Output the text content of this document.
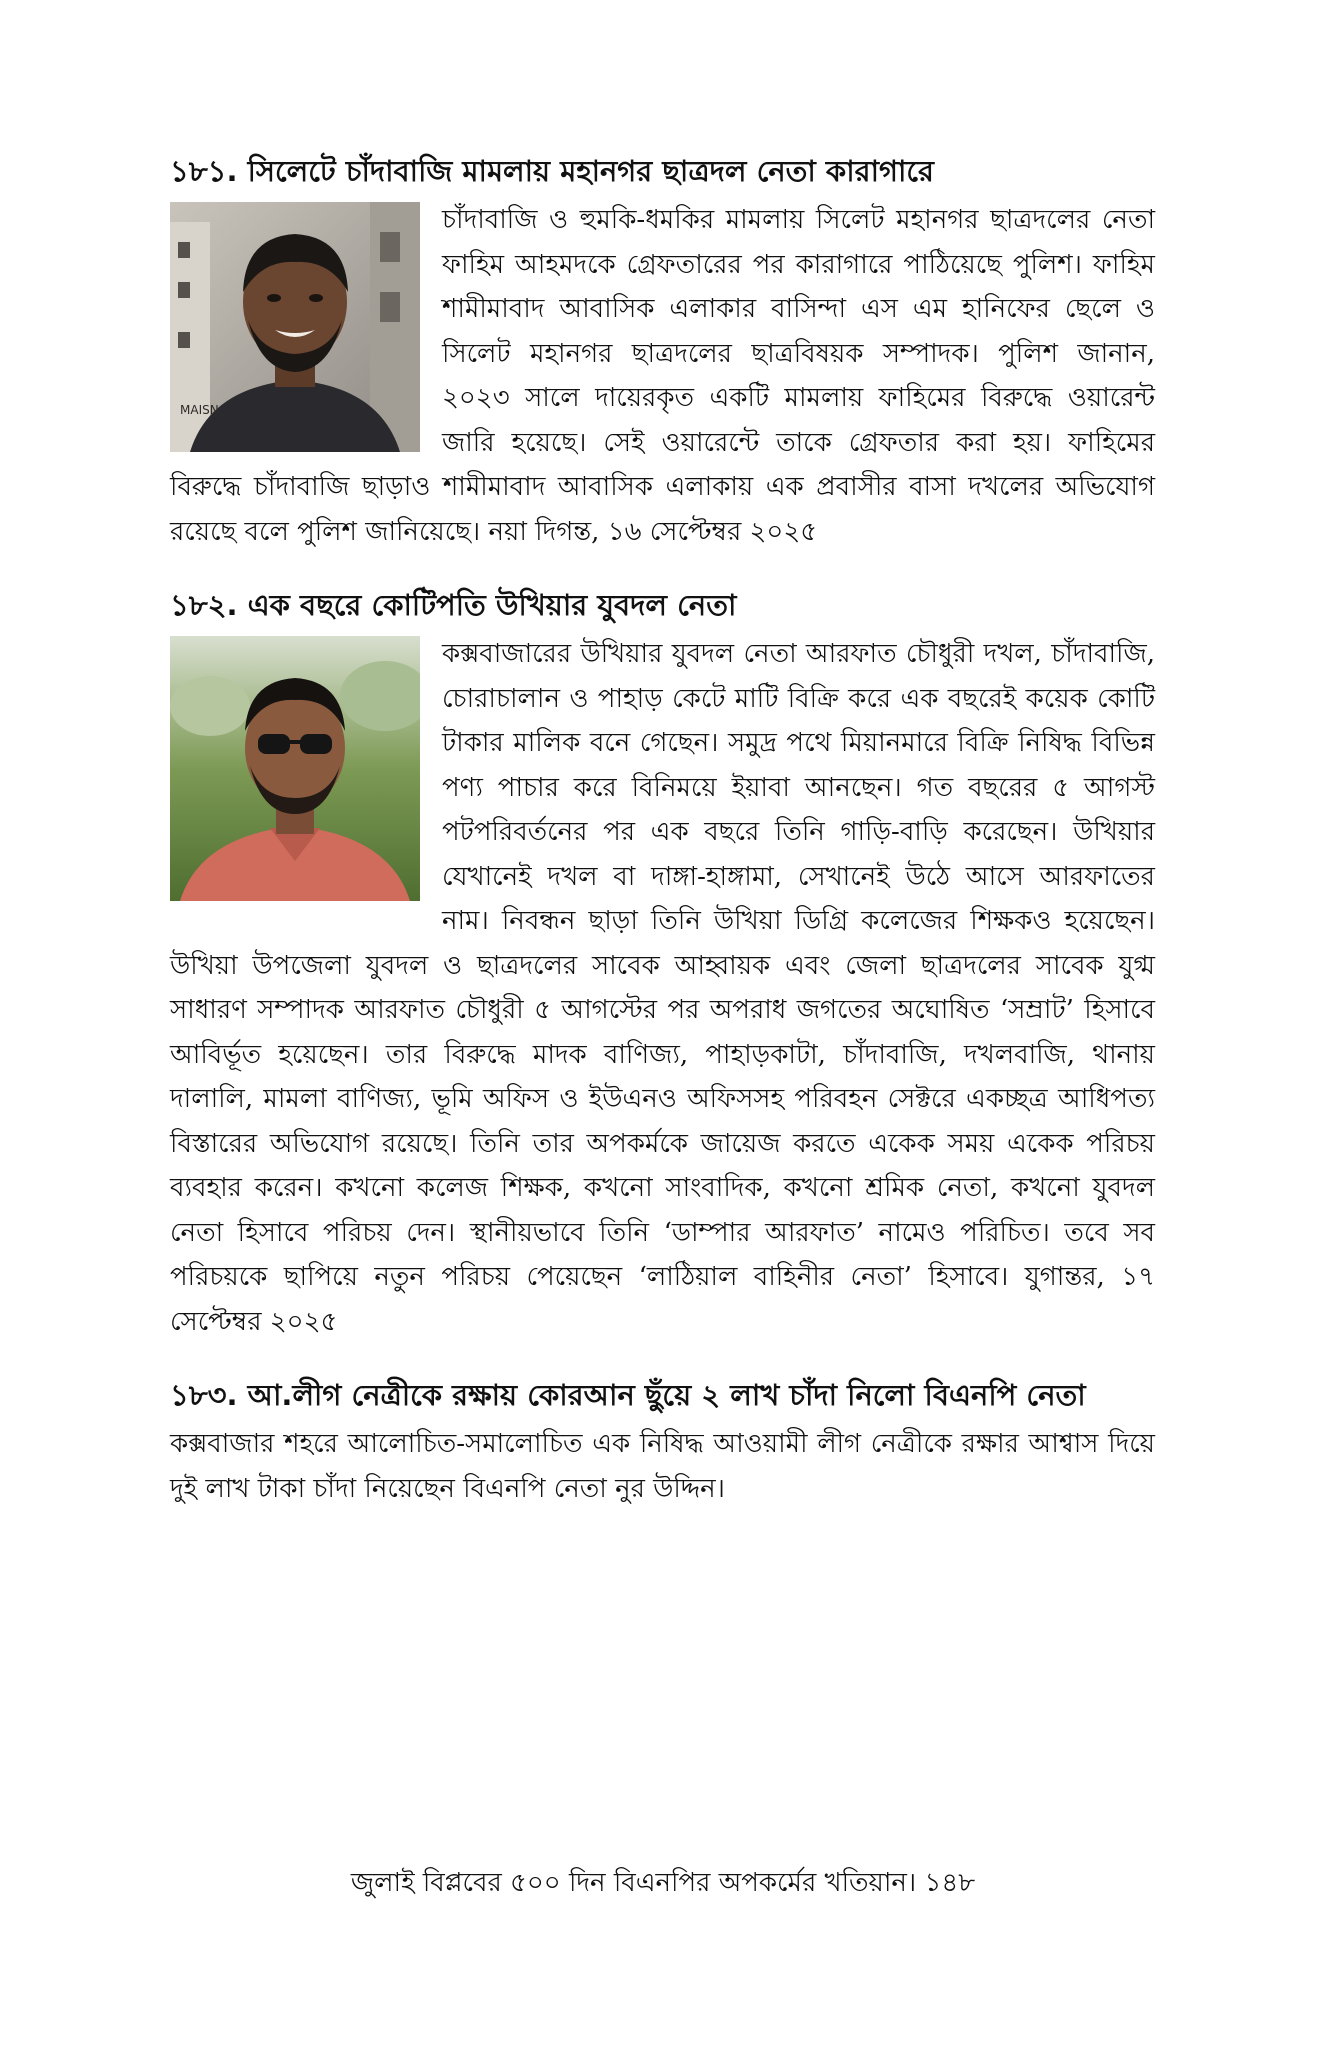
১৮১. সিলেটে চাঁদাবাজি মামলায় মহানগর ছাত্রদল নেতা কারাগারে
MAISN

চাঁদাবাজি ও হুমকি-ধমকির মামলায় সিলেট মহানগর ছাত্রদলের নেতা ফাহিম আহমদকে গ্রেফতারের পর কারাগারে পাঠিয়েছে পুলিশ। ফাহিম শামীমাবাদ আবাসিক এলাকার বাসিন্দা এস এম হানিফের ছেলে ও সিলেট মহানগর ছাত্রদলের ছাত্রবিষয়ক সম্পাদক। পুলিশ জানান, ২০২৩ সালে দায়েরকৃত একটি মামলায় ফাহিমের বিরুদ্ধে ওয়ারেন্ট জারি হয়েছে। সেই ওয়ারেন্টে তাকে গ্রেফতার করা হয়। ফাহিমের বিরুদ্ধে চাঁদাবাজি ছাড়াও শামীমাবাদ আবাসিক এলাকায় এক প্রবাসীর বাসা দখলের অভিযোগ রয়েছে বলে পুলিশ জানিয়েছে। নয়া দিগন্ত, ১৬ সেপ্টেম্বর ২০২৫

১৮২. এক বছরে কোটিপতি উখিয়ার যুবদল নেতা

কক্সবাজারের উখিয়ার যুবদল নেতা আরফাত চৌধুরী দখল, চাঁদাবাজি, চোরাচালান ও পাহাড় কেটে মাটি বিক্রি করে এক বছরেই কয়েক কোটি টাকার মালিক বনে গেছেন। সমুদ্র পথে মিয়ানমারে বিক্রি নিষিদ্ধ বিভিন্ন পণ্য পাচার করে বিনিময়ে ইয়াবা আনছেন। গত বছরের ৫ আগস্ট পটপরিবর্তনের পর এক বছরে তিনি গাড়ি-বাড়ি করেছেন। উখিয়ার যেখানেই দখল বা দাঙ্গা-হাঙ্গামা, সেখানেই উঠে আসে আরফাতের নাম। নিবন্ধন ছাড়া তিনি উখিয়া ডিগ্রি কলেজের শিক্ষকও হয়েছেন।উখিয়া উপজেলা যুবদল ও ছাত্রদলের সাবেক আহ্বায়ক এবং জেলা ছাত্রদলের সাবেক যুগ্ম সাধারণ সম্পাদক আরফাত চৌধুরী ৫ আগস্টের পর অপরাধ জগতের অঘোষিত ‘সম্রাট’ হিসাবে আবির্ভূত হয়েছেন। তার বিরুদ্ধে মাদক বাণিজ্য, পাহাড়কাটা, চাঁদাবাজি, দখলবাজি, থানায় দালালি, মামলা বাণিজ্য, ভূমি অফিস ও ইউএনও অফিসসহ পরিবহন সেক্টরে একচ্ছত্র আধিপত্য বিস্তারের অভিযোগ রয়েছে। তিনি তার অপকর্মকে জায়েজ করতে একেক সময় একেক পরিচয় ব্যবহার করেন। কখনো কলেজ শিক্ষক, কখনো সাংবাদিক, কখনো শ্রমিক নেতা, কখনো যুবদল নেতা হিসাবে পরিচয় দেন। স্থানীয়ভাবে তিনি ‘ডাম্পার আরফাত’ নামেও পরিচিত। তবে সব পরিচয়কে ছাপিয়ে নতুন পরিচয় পেয়েছেন ‘লাঠিয়াল বাহিনীর নেতা’ হিসাবে। যুগান্তর, ১৭ সেপ্টেম্বর ২০২৫

১৮৩. আ.লীগ নেত্রীকে রক্ষায় কোরআন ছুঁয়ে ২ লাখ চাঁদা নিলো বিএনপি নেতা

কক্সবাজার শহরে আলোচিত-সমালোচিত এক নিষিদ্ধ আওয়ামী লীগ নেত্রীকে রক্ষার আশ্বাস দিয়ে দুই লাখ টাকা চাঁদা নিয়েছেন বিএনপি নেতা নুর উদ্দিন।

জুলাই বিপ্লবের ৫০০ দিন বিএনপির অপকর্মের খতিয়ান। ১৪৮
